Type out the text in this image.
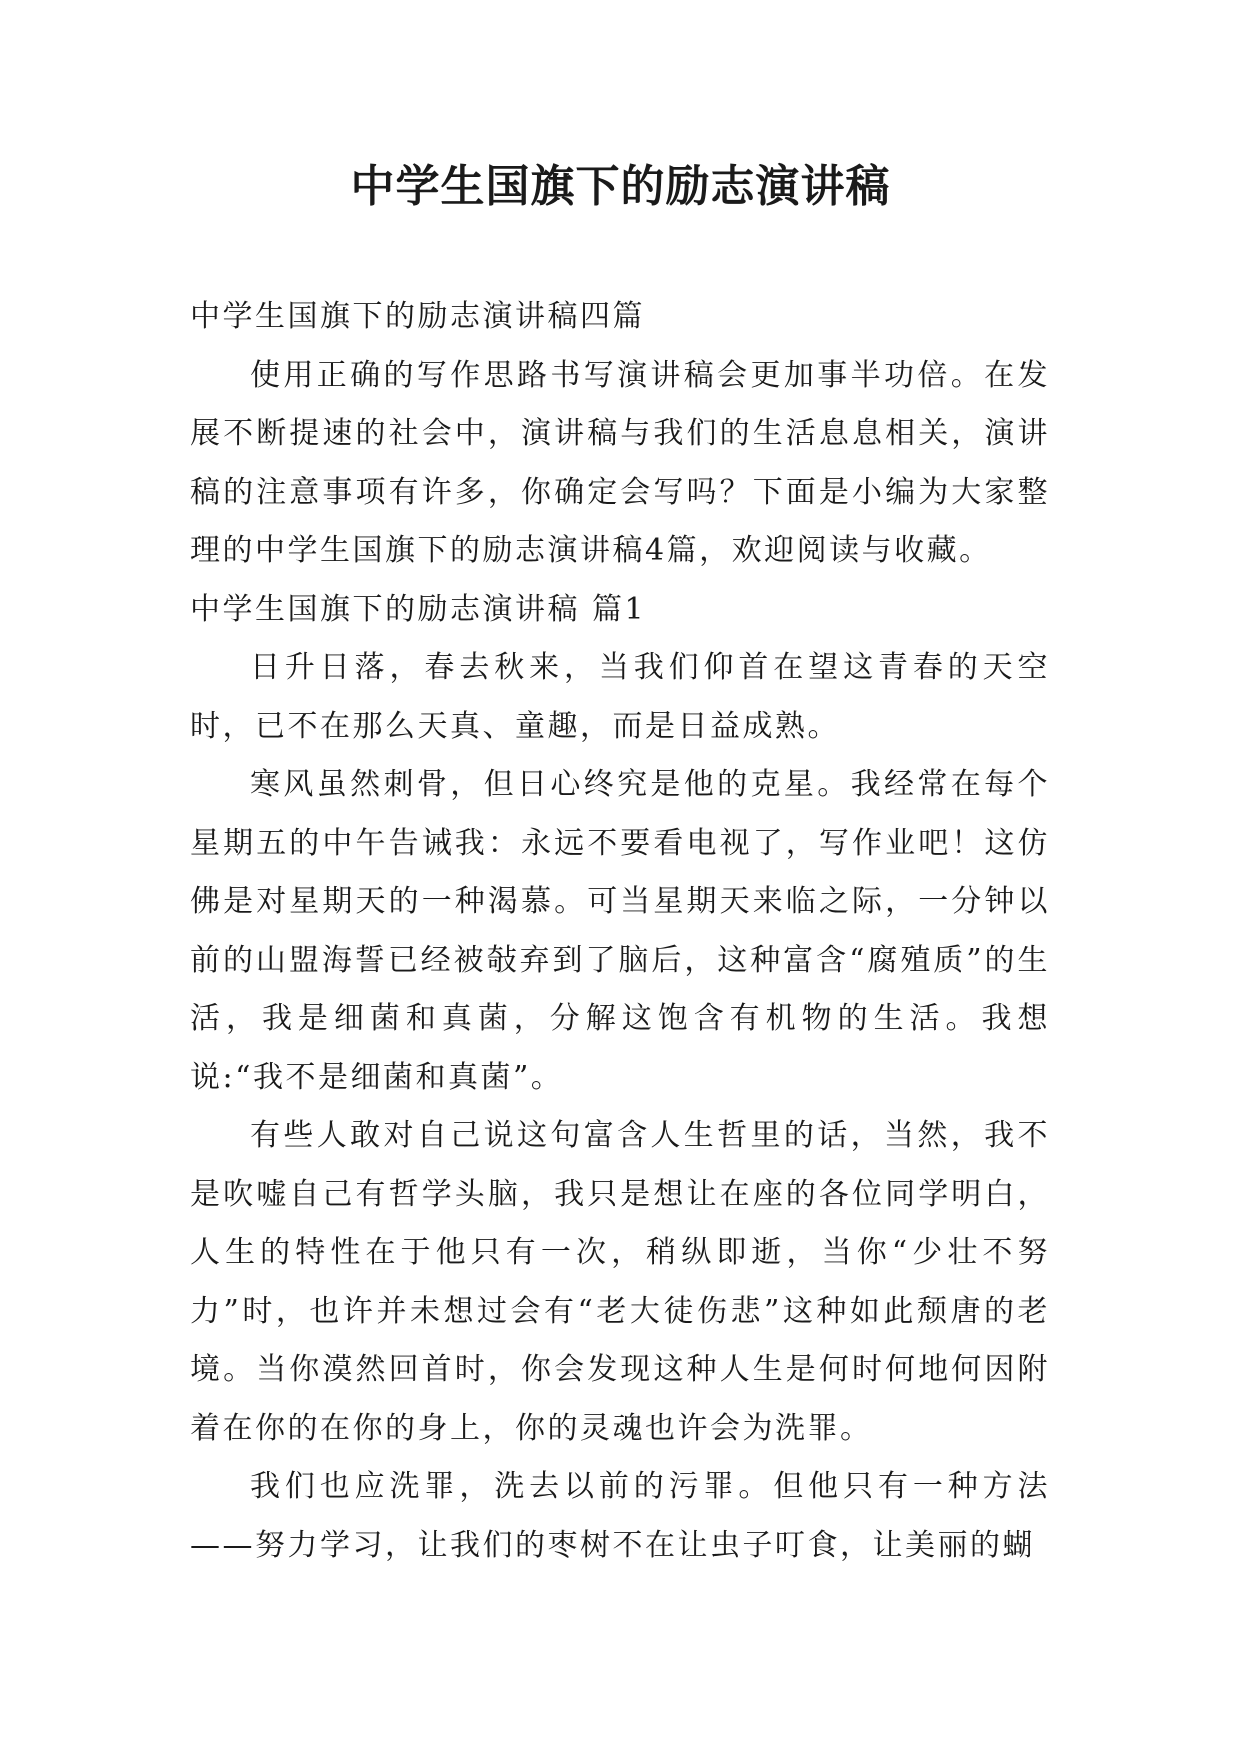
中学生国旗下的励志演讲稿

中学生国旗下的励志演讲稿四篇

使用正确的写作思路书写演讲稿会更加事半功倍。在发展不断提速的社会中，演讲稿与我们的生活息息相关，演讲稿的注意事项有许多，你确定会写吗？下面是小编为大家整理的中学生国旗下的励志演讲稿4篇，欢迎阅读与收藏。

中学生国旗下的励志演讲稿 篇1

日升日落，春去秋来，当我们仰首在望这青春的天空时，已不在那么天真、童趣，而是日益成熟。

寒风虽然刺骨，但日心终究是他的克星。我经常在每个星期五的中午告诫我：永远不要看电视了，写作业吧！这仿佛是对星期天的一种渴慕。可当星期天来临之际，一分钟以前的山盟海誓已经被敧弃到了脑后，这种富含“腐殖质”的生活，我是细菌和真菌，分解这饱含有机物的生活。我想说:“我不是细菌和真菌”。

有些人敢对自己说这句富含人生哲里的话，当然，我不是吹嘘自己有哲学头脑，我只是想让在座的各位同学明白，人生的特性在于他只有一次，稍纵即逝，当你“少壮不努力”时，也许并未想过会有“老大徒伤悲”这种如此颓唐的老境。当你漠然回首时，你会发现这种人生是何时何地何因附着在你的在你的身上，你的灵魂也许会为洗罪。

我们也应洗罪，洗去以前的污罪。但他只有一种方法——努力学习，让我们的枣树不在让虫子叮食，让美丽的蝴
